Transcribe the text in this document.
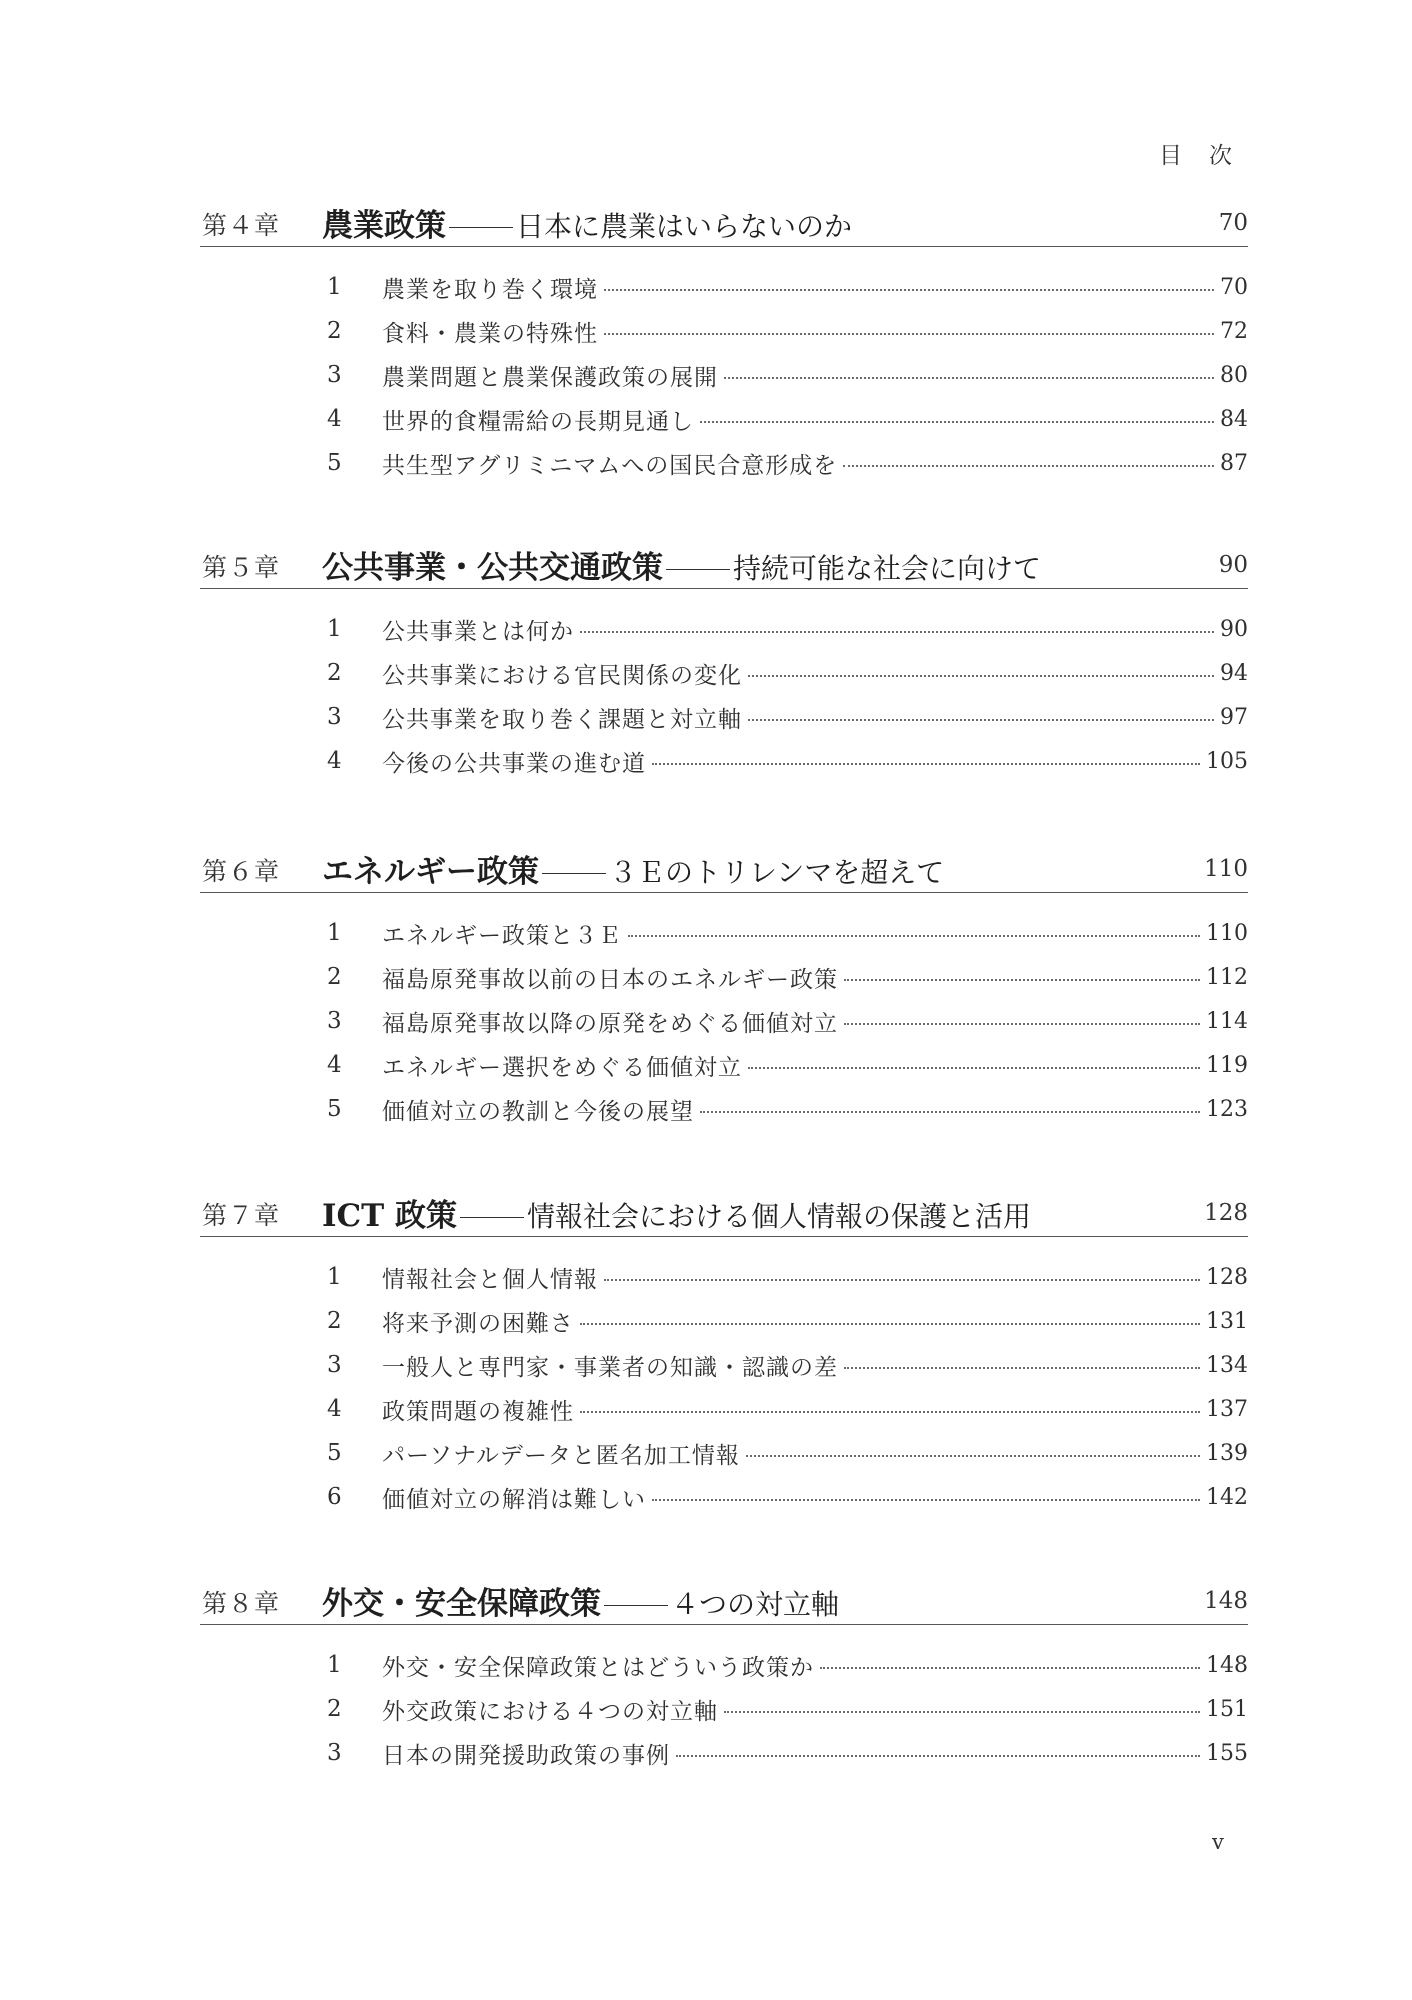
目　次
第４章 農業政策	日本に農業はいらないのか	70
1	農業を取り巻く環境	70
2	食料・農業の特殊性	72
3	農業問題と農業保護政策の展開	80
4	世界的食糧需給の長期見通し	84
5	共生型アグリミニマムへの国民合意形成を	87
第５章 公共事業・公共交通政策	持続可能な社会に向けて	90
1	公共事業とは何か	90
2	公共事業における官民関係の変化	94
3	公共事業を取り巻く課題と対立軸	97
4	今後の公共事業の進む道	105
第６章 エネルギー政策	３Ｅのトリレンマを超えて	110
1	エネルギー政策と３Ｅ	110
2	福島原発事故以前の日本のエネルギー政策	112
3	福島原発事故以降の原発をめぐる価値対立	114
4	エネルギー選択をめぐる価値対立	119
5	価値対立の教訓と今後の展望	123
第７章 ICT 政策	情報社会における個人情報の保護と活用	128
1	情報社会と個人情報	128
2	将来予測の困難さ	131
3	一般人と専門家・事業者の知識・認識の差	134
4	政策問題の複雑性	137
5	パーソナルデータと匿名加工情報	139
6	価値対立の解消は難しい	142
第８章 外交・安全保障政策	４つの対立軸	148
1	外交・安全保障政策とはどういう政策か	148
2	外交政策における４つの対立軸	151
3	日本の開発援助政策の事例	155
v
